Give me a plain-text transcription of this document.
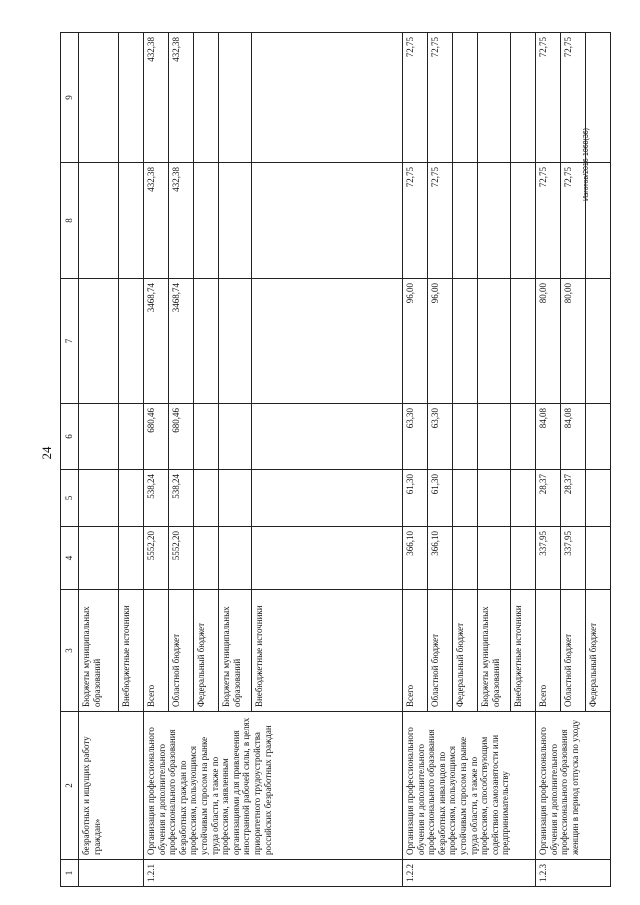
24
Изготов/2016-1068(36)
1	2	3	4	5	6	7	8	9
	безработных и ищущих работу граждан»	Бюджеты муниципальных образований						
		Внебюджетные источники						
1.2.1	Организация профессионального обучения и дополнительного профессионального образования безработных граждан по профессиям, пользующимся устойчивым спросом на рынке труда области, а также по профессиям, заявленным организациями для привлечения иностранной рабочей силы, в целях приоритетного трудоустройства российских безработных граждан	Всего	5552,20	538,24	680,46	3468,74	432,38	432,38
		Областной бюджет	5552,20	538,24	680,46	3468,74	432,38	432,38
		Федеральный бюджет						
		Бюджеты муниципальных образований						
		Внебюджетные источники						
1.2.2	Организация профессионального обучения и дополнительного профессионального образования безработных инвалидов по профессиям, пользующимся устойчивым спросом на рынке труда области, а также по профессиям, способствующим содействию самозанятости или предпринимательству	Всего	366,10	61,30	63,30	96,00	72,75	72,75
		Областной бюджет	366,10	61,30	63,30	96,00	72,75	72,75
		Федеральный бюджет						
		Бюджеты муниципальных образований						
		Внебюджетные источники						
1.2.3	Организация профессионального обучения и дополнительного профессионального образования женщин в период отпуска по уходу	Всего	337,95	28,37	84,08	80,00	72,75	72,75
		Областной бюджет	337,95	28,37	84,08	80,00	72,75	72,75
		Федеральный бюджет						
